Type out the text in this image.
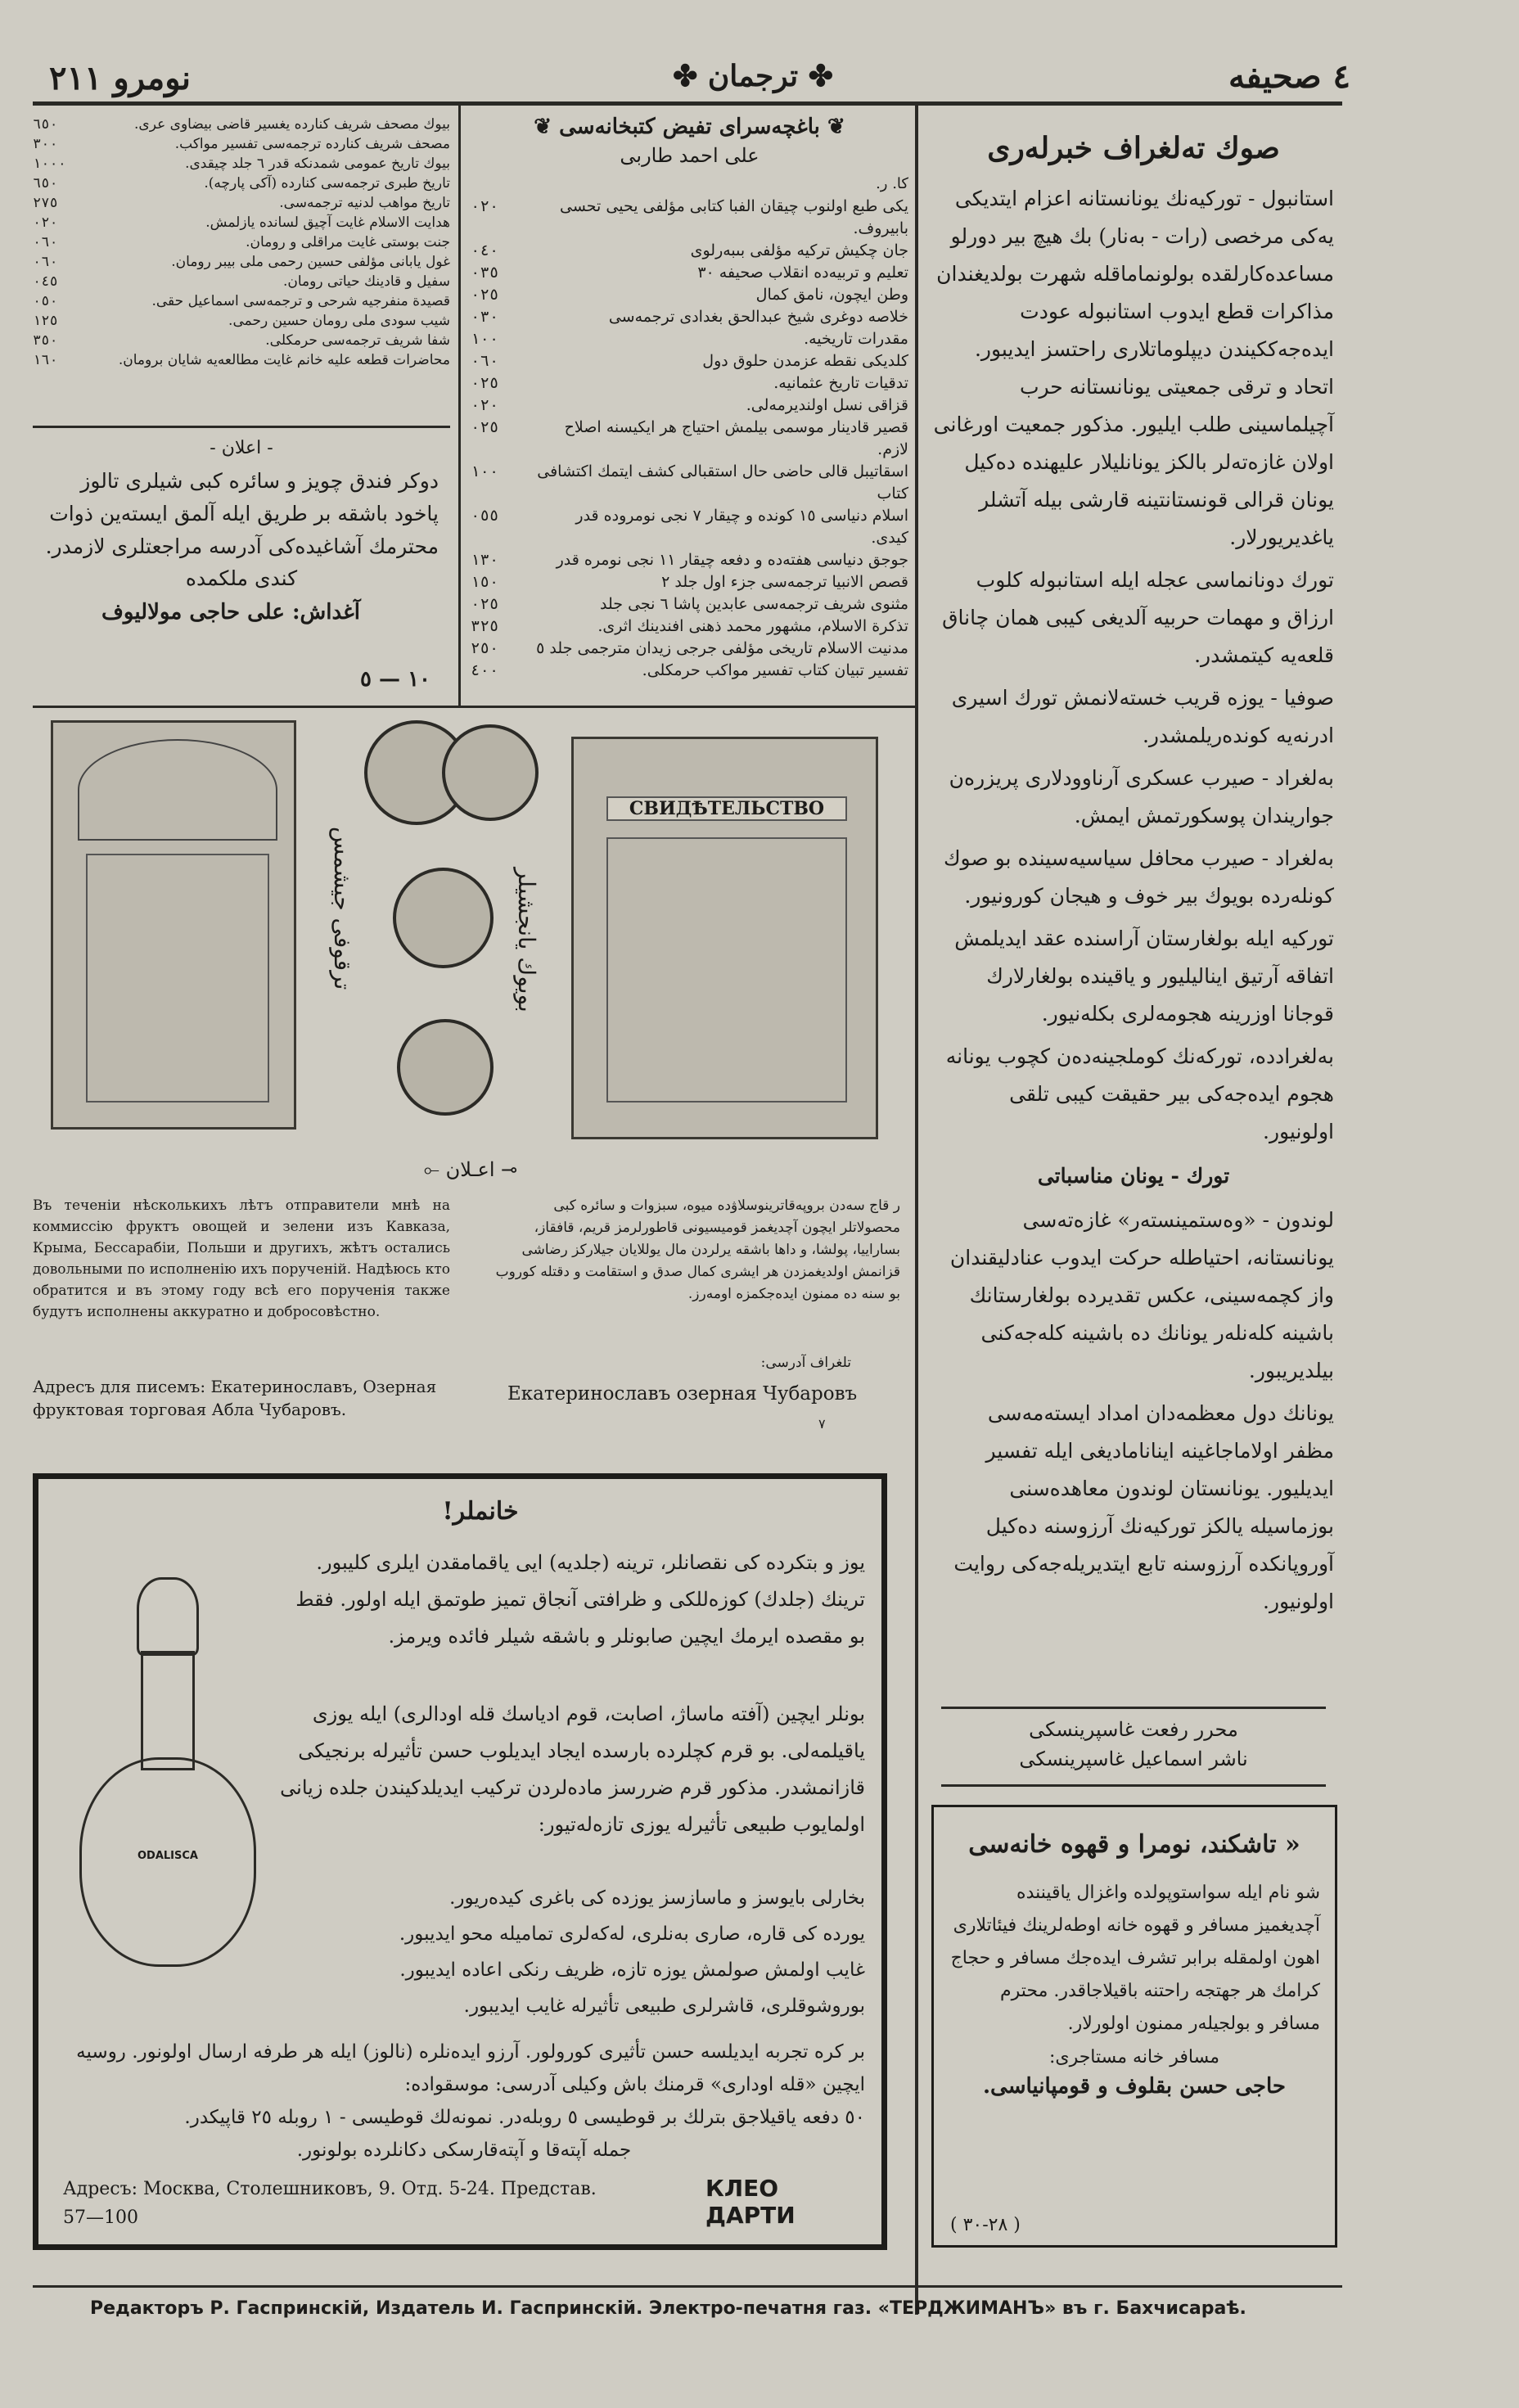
٤ صحيفه
✤ ترجمان ✤
نومرو ٢١١
صوك تەلغراف خبرلەری

استانبول - توركيەنك يونانستانه اعزام ايتديكى يەكى مرخصى (رات - بەنار) بك هيچ بير دورلو مساعدەكارلقده بولونماماقله شهرت بولديغندان مذاكرات قطع ايدوب استانبوله عودت ايدەجەككيندن ديپلوماتلارى راحتسز ايديبور. اتحاد و ترقى جمعيتى يونانستانه حرب آچيلماسينى طلب ايليور. مذكور جمعيت اورغانى اولان غازەتەلر بالكز يونانليلار عليهنده دەكيل يونان قرالى قونستانتينه قارشى بيله آتشلر ياغديريورلار.

تورك دونانماسى عجله ايله استانبوله كلوب ارزاق و مهمات حربيه آلديغى كيبى همان چاناق قلعەيه كيتمشدر.

صوفيا - يوزه قريب خستەلانمش تورك اسيرى ادرنەيه كوندەريلمشدر.

بەلغراد - صيرب عسكرى آرناوودلارى پريزرەن جواريندان پوسكورتمش ايمش.

بەلغراد - صيرب محافل سياسيەسينده بو صوك كونلەرده بويوك بير خوف و هيجان كورونيور.

توركيه ايله بولغارستان آراسنده عقد ايديلمش اتفاقه آرتيق ايناليليور و ياقينده بولغارلارك قوجانا اوزرينه هجومەلرى بكلەنيور.

بەلغرادده، توركەنك كوملجينەدەن كچوب يونانه هجوم ايدەجەكى بير حقيقت كيبى تلقى اولونيور.

تورك - يونان مناسباتى

لوندون - «وەستمينستەر» غازەتەسى يونانستانه، احتياطله حركت ايدوب عنادليقندان واز كچمەسينى، عكس تقديرده بولغارستانك باشينه كلەنلەر يونانك ده باشينه كلەجەكنى بيلديريبور.

يونانك دول معظمەدان امداد ايستەمەسى مظفر اولاماجاغينه ايناناماديغى ايله تفسير ايديليور. يونانستان لوندون معاهدەسنى بوزماسيله يالكز توركيەنك آرزوسنه دەكيل آوروپانكده آرزوسنه تابع ايتديريلەجەكى روايت اولونيور.

محرر رفعت غاسپرينسكى
ناشر اسماعيل غاسپرينسكى
« تاشكند، نومرا و قهوه خانەسى
شو نام ايله سواستوپولده واغزال ياقيننده آچديغميز مسافر و قهوه خانه اوطەلرينك فيئاتلارى اهون اولمقله برابر تشرف ايدەجك مسافر و حجاج كرامك هر جهتجه راحتنه باقيلاجاقدر. محترم مسافر و بولجيلەر ممنون اولورلار.
مسافر خانه مستاجرى:
حاجى حسن بقلوف و قومپانياسى.
( ٢٨-٣٠ )
❦ باغچەسراى تفيض كتبخانەسى ❦
على احمد طاربى
كا. ر.
يكى طبع اولنوب چيقان الفبا كتابى مؤلفى يحيى تحسى بابيروف.
٠٢٠
جان چكيش تركيه مؤلفى بىبەرلوى
٠٤٠
تعليم و تربيەده انقلاب صحيفه ٣٠
٠٣٥
وطن ايچون، نامق كمال
٠٢٥
خلاصه دوغرى شيخ عبدالحق بغدادى ترجمەسى
٠٣٠
مقدرات تاريخيه.
١٠٠
كلديكى نقطه عزمدن حلوق دول
٠٦٠
تدقيات تاريخ عثمانيه.
٠٢٥
قزاقى نسل اولنديرمه‌لى.
٠٢٠
قصير قادينار موسمى بيلمش احتياج هر ايكيسنه اصلاح لازم.
٠٢٥
اسقاتيبل قالى حاضى حال استقبالى كشف ايتمك اكتشافى كتاب
١٠٠
اسلام دنياسى ١٥ كونده و چيقار ٧ نجى نومروده قدر كيدى.
٠٥٥
جوجق دنياسى هفتەده و دفعه چيقار ١١ نجى نومره قدر
١٣٠
قصص الانبيا ترجمەسى جزء اول جلد ٢
١٥٠
مثنوى شريف ترجمەسى عابدين پاشا ٦ نجى جلد
٠٢٥
تذكرة الاسلام، مشهور محمد ذهنى افندينك اثرى.
٣٢٥
مدنيت الاسلام تاريخى مؤلفى جرجى زيدان مترجمى جلد ٥
٢٥٠
تفسير تبيان كتاب تفسير مواكب حرمكلى.
٤٠٠
بيوك مصحف شريف كنارده يغسير قاضى بيضاوى عرى.
٦٥٠
مصحف شريف كنارده ترجمەسى تفسير مواكب.
٣٠٠
بيوك تاريخ عمومى شمدنكه قدر ٦ جلد چيقدى.
١٠٠٠
تاريخ طبرى ترجمەسى كنارده (آكى پارچه).
٦٥٠
تاريخ مواهب لدنيه ترجمەسى.
٢٧٥
هدايت الاسلام غايت آچيق لسانده يازلمش.
٠٢٠
جنت بوستى غايت مراقلى و رومان.
٠٦٠
غول يابانى مؤلفى حسين رحمى ملى بيبر رومان.
٠٦٠
سفيل و قادينك حياتى رومان.
٠٤٥
قصيدة منفرجيه شرحى و ترجمەسى اسماعيل حقى.
٠٥٠
شيب سودى ملى رومان حسين رحمى.
١٢٥
شفا شريف ترجمەسى حرمكلى.
٣٥٠
محاضرات قطعه عليه خانم غايت مطالعەيه شايان برومان.
١٦٠
- اعلان -
دوكر فندق چويز و سائره كبى شيلرى تالوز پاخود باشقه بر طريق ايله آلمق ايستەين ذوات محترمك آشاغيدەكى آدرسه مراجعتلرى لازمدر.
كندى ملكمده
آغداش: على حاجى مولاليوف
١٠ — ٥
ترقوفى جيشمس	بويوك يانجشيلر
СВИДѢТЕЛЬСТВО
⟜ اعـلان ⊸
Въ теченіи нѣсколькихъ лѣтъ отправители мнѣ на коммиссію фруктъ овощей и зелени изъ Кавказа, Крыма, Бессарабіи, Польши и другихъ, жѣтъ остались довольными по исполненію ихъ порученій. Надѣюсь кто обратится и въ этому году всѣ его порученія также будутъ исполнены аккуратно и добросовѣстно.
Адресъ для писемъ: Екатеринославъ, Озерная фруктовая торговая Абла Чубаровъ.
ر قاج سەدن بروپەقاترينوسلاۋده ميوه، سبزوات و سائره كبى محصولاتلر ايچون آچديغمز قوميسيونى قاطورلرمز قريم، قافقاز، بساراييا، پولشا، و داها باشقه يرلردن مال يوللايان جيلاركز رضاشى قزانمش اولديغمزدن هر ايشرى كمال صدق و استقامت و دقتله كوروب بو سنه ده ممنون ايدەجكمزه اومەرز.
تلغراف آدرسى:
Екатеринославъ озерная Чубаровъ
٧
خانملر!
ODALISCA
يوز و بتكرده كى نقصانلر، ترينه (جلديه) ايى ياقمامقدن ايلرى كليبور. ترينك (جلدك) كوزەللكى و ظرافتى آنجاق تميز طوتمق ايله اولور. فقط بو مقصده ايرمك ايچين صابونلر و باشقه شيلر فائده ويرمز.
بونلر ايچين (آفتە ماساژ، اصابت، قوم ادياسك قله اودالرى) ايله يوزى ياقيلمەلى. بو قرم كچلرده بارسده ايجاد ايديلوب حسن تأثيرله برنجيكى قازانمشدر. مذكور قرم ضررسز مادەلردن تركيب ايديلدكيندن جلده زيانى اولمايوب طبيعى تأثيرله يوزى تازەلەتيور:
بخارلى بايوسز و ماسازسز يوزده كى باغرى كيدەريور.
يورده كى قاره، صارى بەنلرى، لەكەلرى تماميله محو ايديبور.
غايب اولمش صولمش يوزه تازه، ظريف رنكى اعاده ايديبور.
بوروشوقلرى، قاشرلرى طبيعى تأثيرله غايب ايديبور.
بر كره تجربه ايديلسه حسن تأثيرى كورولور. آرزو ايدەنلره (نالوز) ايله هر طرفه ارسال اولونور. روسيه ايچين «قله اودارى» قرمنك باش وكيلى آدرسى: موسقواده:
٥٠ دفعه ياقيلاجق بترلك بر قوطيسى ٥ روبله‌در. نمونه‌لك قوطيسى - ١ روبله ٢٥ قاپيكدر.
جمله آپتەقا و آپتەقارسكى دكانلرده بولونور.
Адресъ: Москва, Столешниковъ, 9. Отд. 5-24. Представ.	КЛЕО ДАРТИ
57—100
Редакторъ Р. Гаспринскій, Издатель И. Гаспринскій. Электро-печатня газ. «ТЕРДЖИМАНЪ» въ г. Бахчисараѣ.
